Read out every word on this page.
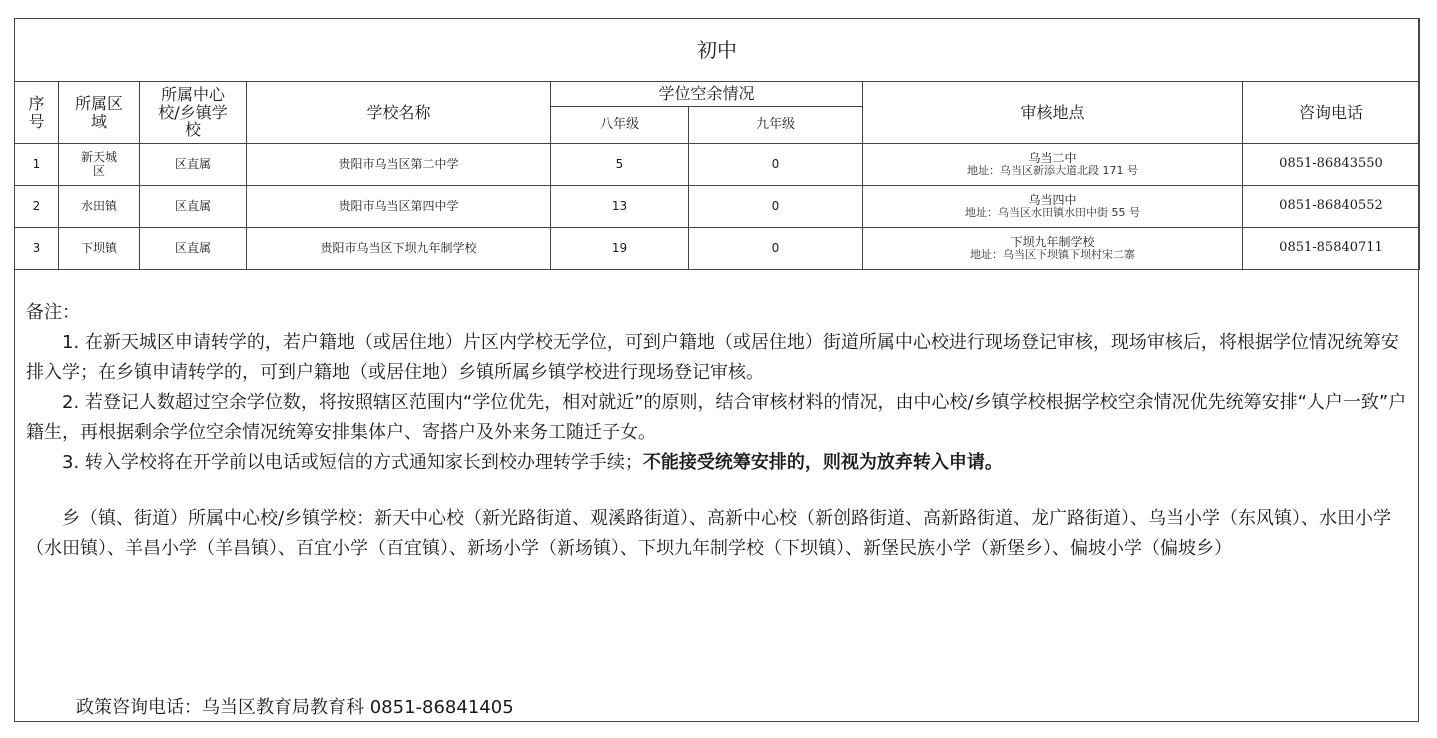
初中							
序号	所属区域	所属中心校/乡镇学校	学校名称	学位空余情况		审核地点	咨询电话
				八年级	九年级		
1	新天城区	区直属	贵阳市乌当区第二中学	5	0	乌当二中
地址：乌当区新添大道北段 171 号	0851-86843550
2	水田镇	区直属	贵阳市乌当区第四中学	13	0	乌当四中
地址：乌当区水田镇水田中街 55 号	0851-86840552
3	下坝镇	区直属	贵阳市乌当区下坝九年制学校	19	0	下坝九年制学校
地址：乌当区下坝镇下坝村宋二寨	0851-85840711

备注：

1. 在新天城区申请转学的，若户籍地（或居住地）片区内学校无学位，可到户籍地（或居住地）街道所属中心校进行现场登记审核，现场审核后，将根据学位情况统筹安排入学；在乡镇申请转学的，可到户籍地（或居住地）乡镇所属乡镇学校进行现场登记审核。

2. 若登记人数超过空余学位数，将按照辖区范围内“学位优先，相对就近”的原则，结合审核材料的情况，由中心校/乡镇学校根据学校空余情况优先统筹安排“人户一致”户籍生，再根据剩余学位空余情况统筹安排集体户、寄搭户及外来务工随迁子女。

3. 转入学校将在开学前以电话或短信的方式通知家长到校办理转学手续；不能接受统筹安排的，则视为放弃转入申请。

乡（镇、街道）所属中心校/乡镇学校：新天中心校（新光路街道、观溪路街道）、高新中心校（新创路街道、高新路街道、龙广路街道）、乌当小学（东风镇）、水田小学（水田镇）、羊昌小学（羊昌镇）、百宜小学（百宜镇）、新场小学（新场镇）、下坝九年制学校（下坝镇）、新堡民族小学（新堡乡）、偏坡小学（偏坡乡）

政策咨询电话：乌当区教育局教育科 0851-86841405
